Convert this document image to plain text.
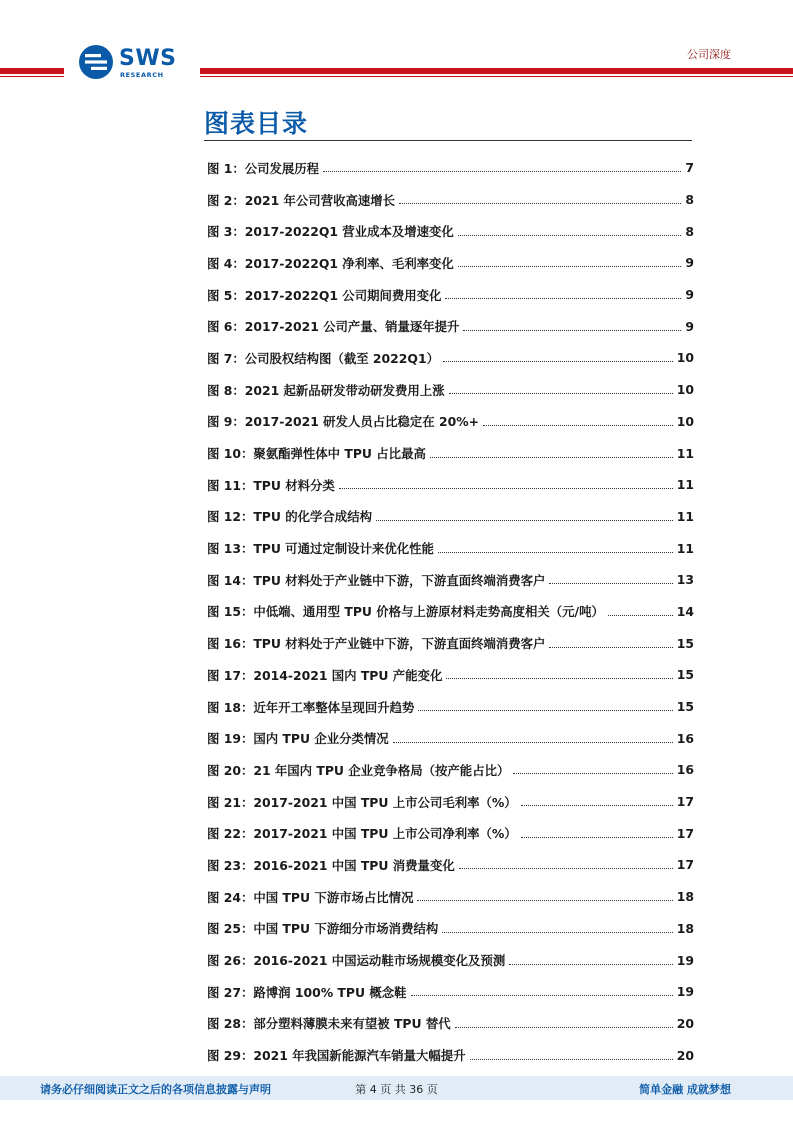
SWS
RESEARCH
公司深度
图表目录
图 1：公司发展历程	7
图 2：2021 年公司营收高速增长	8
图 3：2017-2022Q1 营业成本及增速变化	8
图 4：2017-2022Q1 净利率、毛利率变化	9
图 5：2017-2022Q1 公司期间费用变化	9
图 6：2017-2021 公司产量、销量逐年提升	9
图 7：公司股权结构图（截至 2022Q1）	10
图 8：2021 起新品研发带动研发费用上涨	10
图 9：2017-2021 研发人员占比稳定在 20%+	10
图 10：聚氨酯弹性体中 TPU 占比最高	11
图 11：TPU 材料分类	11
图 12：TPU 的化学合成结构	11
图 13：TPU 可通过定制设计来优化性能	11
图 14：TPU 材料处于产业链中下游，下游直面终端消费客户	13
图 15：中低端、通用型 TPU 价格与上游原材料走势高度相关（元/吨）	14
图 16：TPU 材料处于产业链中下游，下游直面终端消费客户	15
图 17：2014-2021 国内 TPU 产能变化	15
图 18：近年开工率整体呈现回升趋势	15
图 19：国内 TPU 企业分类情况	16
图 20：21 年国内 TPU 企业竞争格局（按产能占比）	16
图 21：2017-2021 中国 TPU 上市公司毛利率（%）	17
图 22：2017-2021 中国 TPU 上市公司净利率（%）	17
图 23：2016-2021 中国 TPU 消费量变化	17
图 24：中国 TPU 下游市场占比情况	18
图 25：中国 TPU 下游细分市场消费结构	18
图 26：2016-2021 中国运动鞋市场规模变化及预测	19
图 27：路博润 100% TPU 概念鞋	19
图 28：部分塑料薄膜未来有望被 TPU 替代	20
图 29：2021 年我国新能源汽车销量大幅提升	20
请务必仔细阅读正文之后的各项信息披露与声明	第 4 页 共 36 页	简单金融 成就梦想
